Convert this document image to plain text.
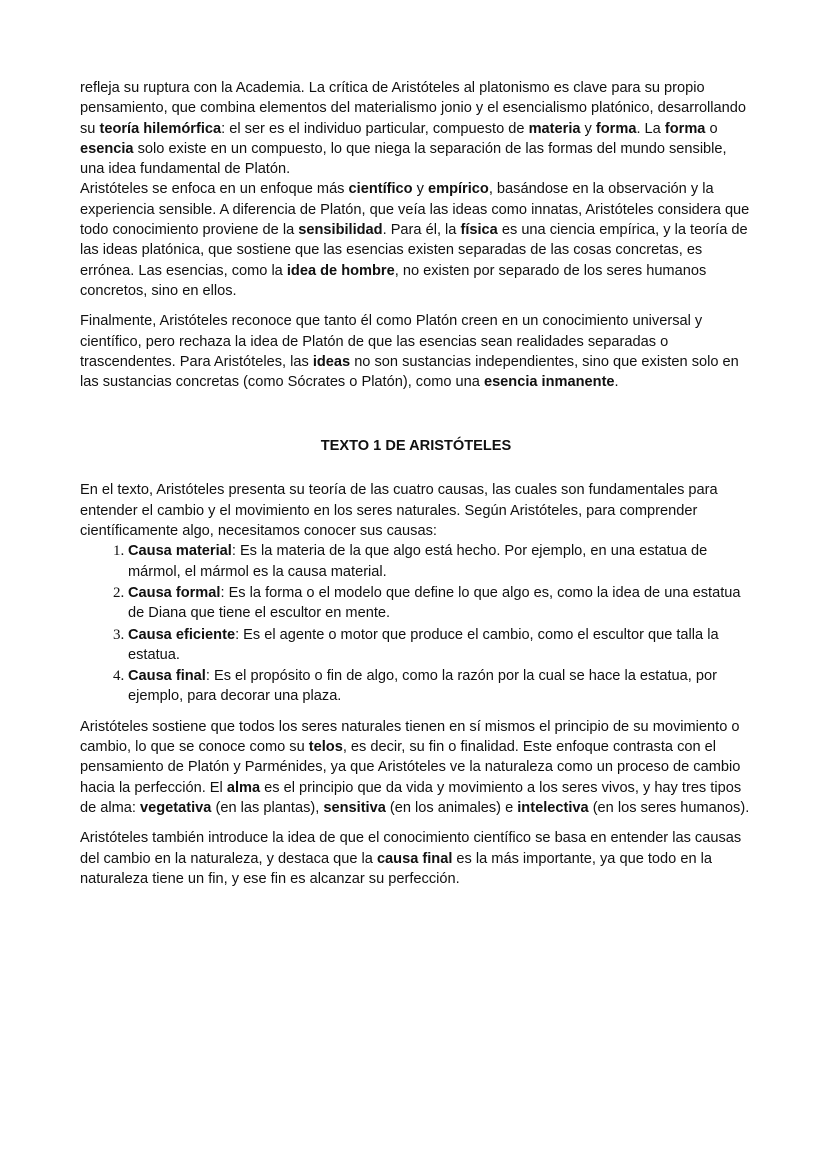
refleja su ruptura con la Academia. La crítica de Aristóteles al platonismo es clave para su propio pensamiento, que combina elementos del materialismo jonio y el esencialismo platónico, desarrollando su teoría hilemórfica: el ser es el individuo particular, compuesto de materia y forma. La forma o esencia solo existe en un compuesto, lo que niega la separación de las formas del mundo sensible, una idea fundamental de Platón.

Aristóteles se enfoca en un enfoque más científico y empírico, basándose en la observación y la experiencia sensible. A diferencia de Platón, que veía las ideas como innatas, Aristóteles considera que todo conocimiento proviene de la sensibilidad. Para él, la física es una ciencia empírica, y la teoría de las ideas platónica, que sostiene que las esencias existen separadas de las cosas concretas, es errónea. Las esencias, como la idea de hombre, no existen por separado de los seres humanos concretos, sino en ellos.

Finalmente, Aristóteles reconoce que tanto él como Platón creen en un conocimiento universal y científico, pero rechaza la idea de Platón de que las esencias sean realidades separadas o trascendentes. Para Aristóteles, las ideas no son sustancias independientes, sino que existen solo en las sustancias concretas (como Sócrates o Platón), como una esencia inmanente.

TEXTO 1 DE ARISTÓTELES

En el texto, Aristóteles presenta su teoría de las cuatro causas, las cuales son fundamentales para entender el cambio y el movimiento en los seres naturales. Según Aristóteles, para comprender científicamente algo, necesitamos conocer sus causas:

1. Causa material: Es la materia de la que algo está hecho. Por ejemplo, en una estatua de mármol, el mármol es la causa material.
2. Causa formal: Es la forma o el modelo que define lo que algo es, como la idea de una estatua de Diana que tiene el escultor en mente.
3. Causa eficiente: Es el agente o motor que produce el cambio, como el escultor que talla la estatua.
4. Causa final: Es el propósito o fin de algo, como la razón por la cual se hace la estatua, por ejemplo, para decorar una plaza.

Aristóteles sostiene que todos los seres naturales tienen en sí mismos el principio de su movimiento o cambio, lo que se conoce como su telos, es decir, su fin o finalidad. Este enfoque contrasta con el pensamiento de Platón y Parménides, ya que Aristóteles ve la naturaleza como un proceso de cambio hacia la perfección. El alma es el principio que da vida y movimiento a los seres vivos, y hay tres tipos de alma: vegetativa (en las plantas), sensitiva (en los animales) e intelectiva (en los seres humanos).

Aristóteles también introduce la idea de que el conocimiento científico se basa en entender las causas del cambio en la naturaleza, y destaca que la causa final es la más importante, ya que todo en la naturaleza tiene un fin, y ese fin es alcanzar su perfección.
